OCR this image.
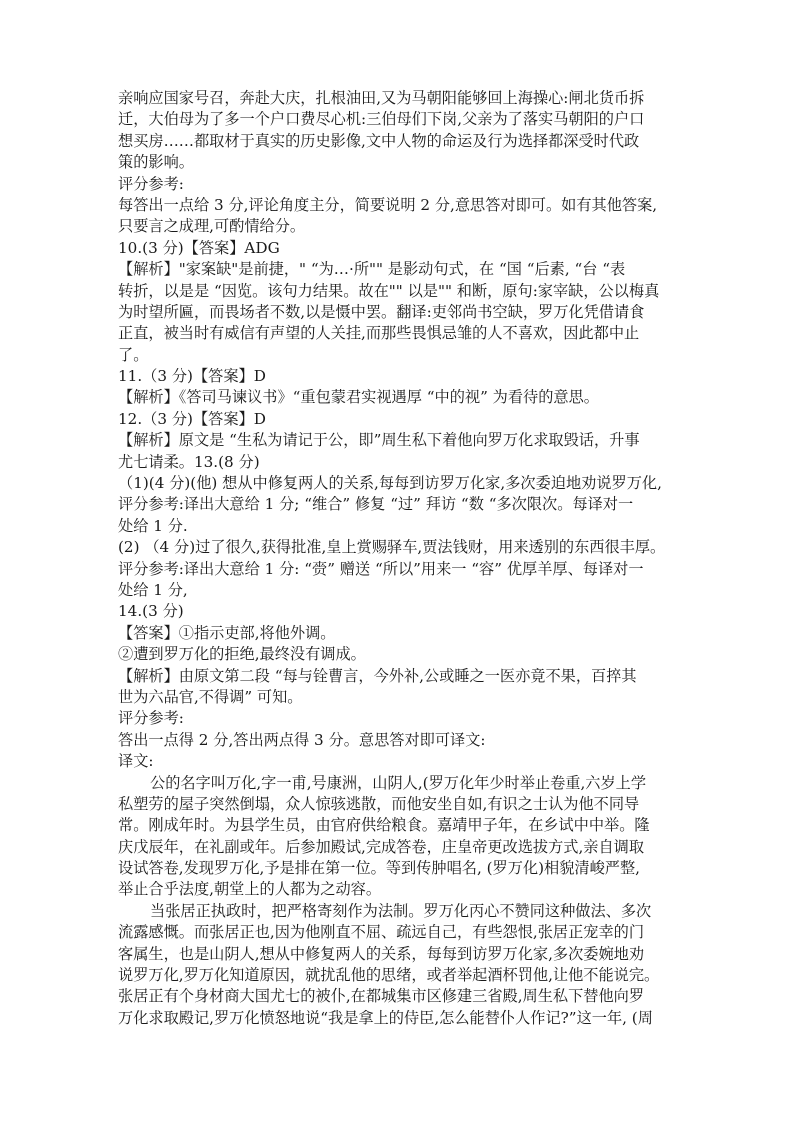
亲响应国家号召，奔赴大庆，扎根油田,又为马朝阳能够回上海操心:闸北货币拆
迁，大伯母为了多一个户口费尽心机:三伯母们下岗,父亲为了落实马朝阳的户口
想买房……都取材于真实的历史影像,文中人物的命运及行为选择都深受时代政
策的影响。
评分参考:
每答出一点给 3 分,评论角度主分，简要说明 2 分,意思答对即可。如有其他答案,
只要言之成理,可酌情给分。
10.(3 分)【答案】ADG
【解析】"家案缺"是前捷，" “为…·所"" 是影动句式，在 “国 “后素, “台 “表
转折，以是是 “因览。该句力结果。故在"" 以是"" 和断，原句:家宰缺，公以梅真
为时望所匾，而畏场者不数,以是慑中罢。翻译:吏邻尚书空缺，罗万化凭借请食
正直，被当时有威信有声望的人关挂,而那些畏惧忌雏的人不喜欢，因此都中止
了。
11.（3 分)【答案】D
【解析】《答司马谏议书》“重包蒙君实视遇厚 “中的视” 为看待的意思。
12.（3 分)【答案】D
【解析】原文是 “生私为请记于公，即”周生私下着他向罗万化求取毁话，升事
尤七请柔。13.(8 分)
（1)(4 分)(他) 想从中修复两人的关系,每每到访罗万化家,多次委迫地劝说罗万化,
评分参考:译出大意给 1 分; “维合” 修复 “过” 拜访 “数 “多次限次。每译对一
处给 1 分.
(2) （4 分)过了很久,获得批准,皇上赏赐驿车,贾法钱财，用来透别的东西很丰厚。
评分参考:译出大意给 1 分: “赍” 赠送 “所以”用来一 “容” 优厚羊厚、每译对一
处给 1 分,
14.(3 分)
【答案】①指示吏部,将他外调。
②遭到罗万化的拒绝,最终没有调成。
【解析】由原文第二段 “每与铨曹言，今外补,公或睡之一医亦竟不果，百捽其
世为六品官,不得调” 可知。
评分参考:
答出一点得 2 分,答出两点得 3 分。意思答对即可译文:
译文:
公的名字叫万化,字一甫,号康洲，山阴人,(罗万化年少时举止卷重,六岁上学
私塑劳的屋子突然倒塌，众人惊骇逃散，而他安坐自如,有识之士认为他不同导
常。刚成年时。为县学生员，由官府供给粮食。嘉靖甲子年，在乡试中中举。隆
庆戊辰年，在礼副或年。后参加殿试,完成答卷，庄皇帝更改选拔方式,亲自调取
设试答卷,发现罗万化,予是排在第一位。等到传肿唱名, (罗万化)相貌清峻严整,
举止合乎法度,朝堂上的人都为之动容。
当张居正执政时，把严格寄刻作为法制。罗万化丙心不赞同这种做法、多次
流露感慨。而张居正也,因为他刚直不屈、疏远自己，有些怨恨,张居正宠幸的门
客属生，也是山阴人,想从中修复两人的关系，每每到访罗万化家,多次委婉地劝
说罗万化,罗万化知道原因，就扰乱他的思绪，或者举起酒杯罚他,让他不能说完。
张居正有个身材商大国尤七的被仆,在都城集市区修建三省殿,周生私下替他向罗
万化求取殿记,罗万化愤怒地说“我是拿上的侍臣,怎么能替仆人作记?”这一年, (周
